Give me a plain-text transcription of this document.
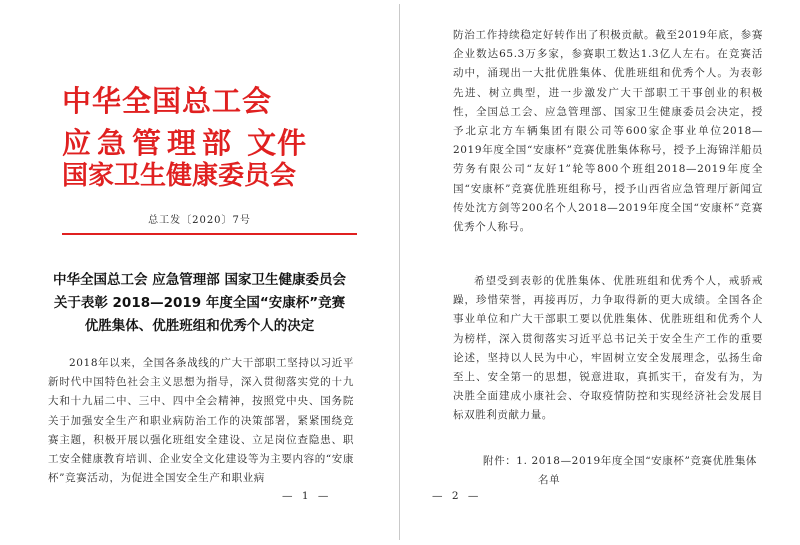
中华全国总工会
应急管理部 文件
国家卫生健康委员会
总工发〔2020〕7号
中华全国总工会 应急管理部 国家卫生健康委员会
关于表彰 2018—2019 年度全国“安康杯”竞赛
优胜集体、优胜班组和优秀个人的决定
2018年以来，全国各条战线的广大干部职工坚持以习近平新时代中国特色社会主义思想为指导，深入贯彻落实党的十九大和十九届二中、三中、四中全会精神，按照党中央、国务院关于加强安全生产和职业病防治工作的决策部署，紧紧围绕竞赛主题，积极开展以强化班组安全建设、立足岗位查隐患、职工安全健康教育培训、企业安全文化建设等为主要内容的“安康杯”竞赛活动，为促进全国安全生产和职业病
— 1 —
防治工作持续稳定好转作出了积极贡献。截至2019年底，参赛企业数达65.3万多家，参赛职工数达1.3亿人左右。在竞赛活动中，涌现出一大批优胜集体、优胜班组和优秀个人。为表彰先进、树立典型，进一步激发广大干部职工干事创业的积极性，全国总工会、应急管理部、国家卫生健康委员会决定，授予北京北方车辆集团有限公司等600家企事业单位2018—2019年度全国“安康杯”竞赛优胜集体称号，授予上海锦洋船员劳务有限公司“友好1”轮等800个班组2018—2019年度全国“安康杯”竞赛优胜班组称号，授予山西省应急管理厅新闻宣传处沈方剑等200名个人2018—2019年度全国“安康杯”竞赛优秀个人称号。
希望受到表彰的优胜集体、优胜班组和优秀个人，戒骄戒躁，珍惜荣誉，再接再厉，力争取得新的更大成绩。全国各企事业单位和广大干部职工要以优胜集体、优胜班组和优秀个人为榜样，深入贯彻落实习近平总书记关于安全生产工作的重要论述，坚持以人民为中心，牢固树立安全发展理念，弘扬生命至上、安全第一的思想，锐意进取，真抓实干，奋发有为，为决胜全面建成小康社会、夺取疫情防控和实现经济社会发展目标双胜利贡献力量。
附件：1. 2018—2019年度全国“安康杯”竞赛优胜集体
名单
— 2 —
